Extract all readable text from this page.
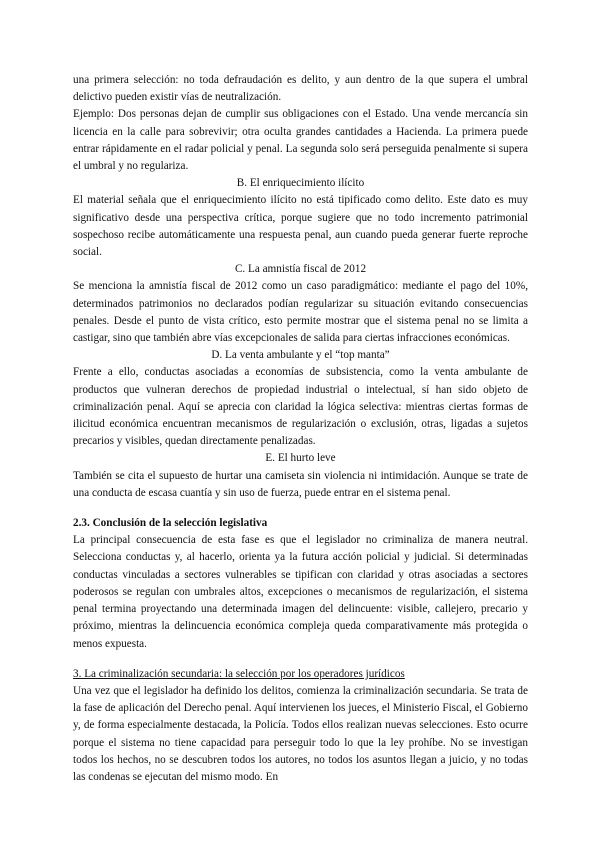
una primera selección: no toda defraudación es delito, y aun dentro de la que supera el umbral delictivo pueden existir vías de neutralización.

Ejemplo: Dos personas dejan de cumplir sus obligaciones con el Estado. Una vende mercancía sin licencia en la calle para sobrevivir; otra oculta grandes cantidades a Hacienda. La primera puede entrar rápidamente en el radar policial y penal. La segunda solo será perseguida penalmente si supera el umbral y no regulariza.

B. El enriquecimiento ilícito

El material señala que el enriquecimiento ilícito no está tipificado como delito. Este dato es muy significativo desde una perspectiva crítica, porque sugiere que no todo incremento patrimonial sospechoso recibe automáticamente una respuesta penal, aun cuando pueda generar fuerte reproche social.

C. La amnistía fiscal de 2012

Se menciona la amnistía fiscal de 2012 como un caso paradigmático: mediante el pago del 10%, determinados patrimonios no declarados podían regularizar su situación evitando consecuencias penales. Desde el punto de vista crítico, esto permite mostrar que el sistema penal no se limita a castigar, sino que también abre vías excepcionales de salida para ciertas infracciones económicas.

D. La venta ambulante y el “top manta”

Frente a ello, conductas asociadas a economías de subsistencia, como la venta ambulante de productos que vulneran derechos de propiedad industrial o intelectual, sí han sido objeto de criminalización penal. Aquí se aprecia con claridad la lógica selectiva: mientras ciertas formas de ilicitud económica encuentran mecanismos de regularización o exclusión, otras, ligadas a sujetos precarios y visibles, quedan directamente penalizadas.

E. El hurto leve

También se cita el supuesto de hurtar una camiseta sin violencia ni intimidación. Aunque se trate de una conducta de escasa cuantía y sin uso de fuerza, puede entrar en el sistema penal.

2.3. Conclusión de la selección legislativa

La principal consecuencia de esta fase es que el legislador no criminaliza de manera neutral. Selecciona conductas y, al hacerlo, orienta ya la futura acción policial y judicial. Si determinadas conductas vinculadas a sectores vulnerables se tipifican con claridad y otras asociadas a sectores poderosos se regulan con umbrales altos, excepciones o mecanismos de regularización, el sistema penal termina proyectando una determinada imagen del delincuente: visible, callejero, precario y próximo, mientras la delincuencia económica compleja queda comparativamente más protegida o menos expuesta.

3. La criminalización secundaria: la selección por los operadores jurídicos

Una vez que el legislador ha definido los delitos, comienza la criminalización secundaria. Se trata de la fase de aplicación del Derecho penal. Aquí intervienen los jueces, el Ministerio Fiscal, el Gobierno y, de forma especialmente destacada, la Policía. Todos ellos realizan nuevas selecciones. Esto ocurre porque el sistema no tiene capacidad para perseguir todo lo que la ley prohíbe. No se investigan todos los hechos, no se descubren todos los autores, no todos los asuntos llegan a juicio, y no todas las condenas se ejecutan del mismo modo. En
